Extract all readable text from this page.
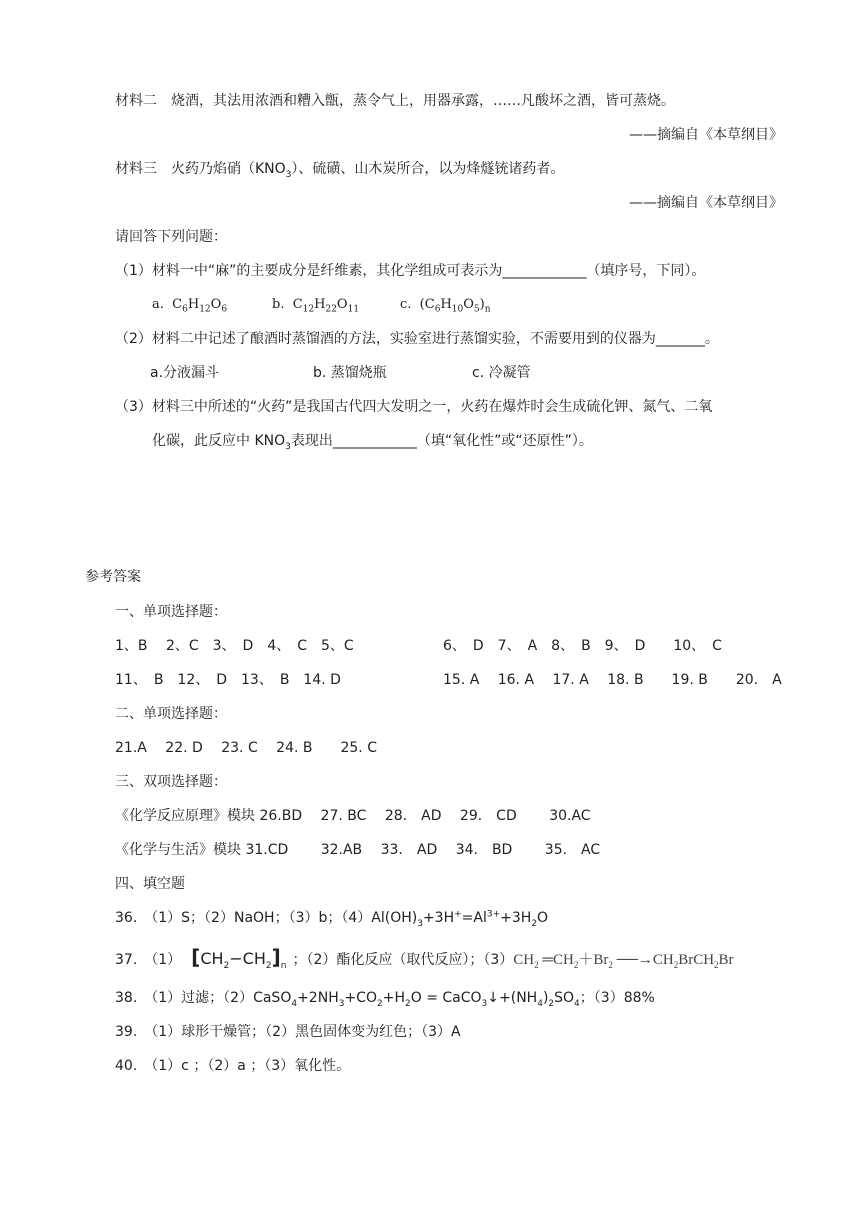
材料二　烧酒，其法用浓酒和糟入甑，蒸令气上，用器承露，……凡酸坏之酒，皆可蒸烧。
——摘编自《本草纲目》
材料三　火药乃焰硝$(KNO_3)$、硫磺、山木炭所合，以为烽燧铳诸药者。
——摘编自《本草纲目》
请回答下列问题：
（1）材料一中“麻”的主要成分是纤维素，其化学组成可表示为____________（填序号，下同）。
a.  $C_6H_{12}O_6$	b.  $C_{12}H_{22}O_{11}$	c.  $(C_6H_{10}O_5)_n$
（2）材料二中记述了酿酒时蒸馏酒的方法，实验室进行蒸馏实验，不需要用到的仪器为_______。
a.分液漏斗	b. 蒸馏烧瓶	c. 冷凝管
（3）材料三中所述的“火药”是我国古代四大发明之一，火药在爆炸时会生成硫化钾、氮气、二氧
化碳，此反应中 $KNO_3$表现出____________（填“氧化性”或“还原性”）。
参考答案
一、单项选择题：
1、B　 2、C　3、　D　4、　C　5、C	6、　D　7、　A　8、　B　9、　D　　10、　C
11、　B　12、　D　13、　B　14. D	15. A　 16. A　 17. A　 18. B　　19. B　　20.　A
二、单项选择题：
21.A　 22. D　 23. C　 24. B　　25. C
三、双项选择题：
《化学反应原理》模块 26.BD　 27. BC　 28.　AD　 29.　CD　　 30.AC
《化学与生活》模块 31.CD　　 32.AB　 33.　AD　 34.　BD　　 35.　AC
四、填空题
36.　（1）S；（2）NaOH；（3）b；$(4)Al(OH)_3+3H^+=Al^{3+}+3H_2O$
37.　（1） $[CH_2-CH_2]_n$ ；（2）酯化反应（取代反应）；$(3)CH_2$ $═CH_2+Br_2$ $──\to CH_2BrCH_2Br$
38.　（1）过滤；$(2)CaSO_4+2NH_3+CO_2+H_2O$ = $CaCO_3↓+(NH_4)_2SO_4$；（3）88%
39.　（1）球形干燥管；（2）黑色固体变为红色；（3）A
40.　（1）c ；（2）a ；（3）氧化性。
